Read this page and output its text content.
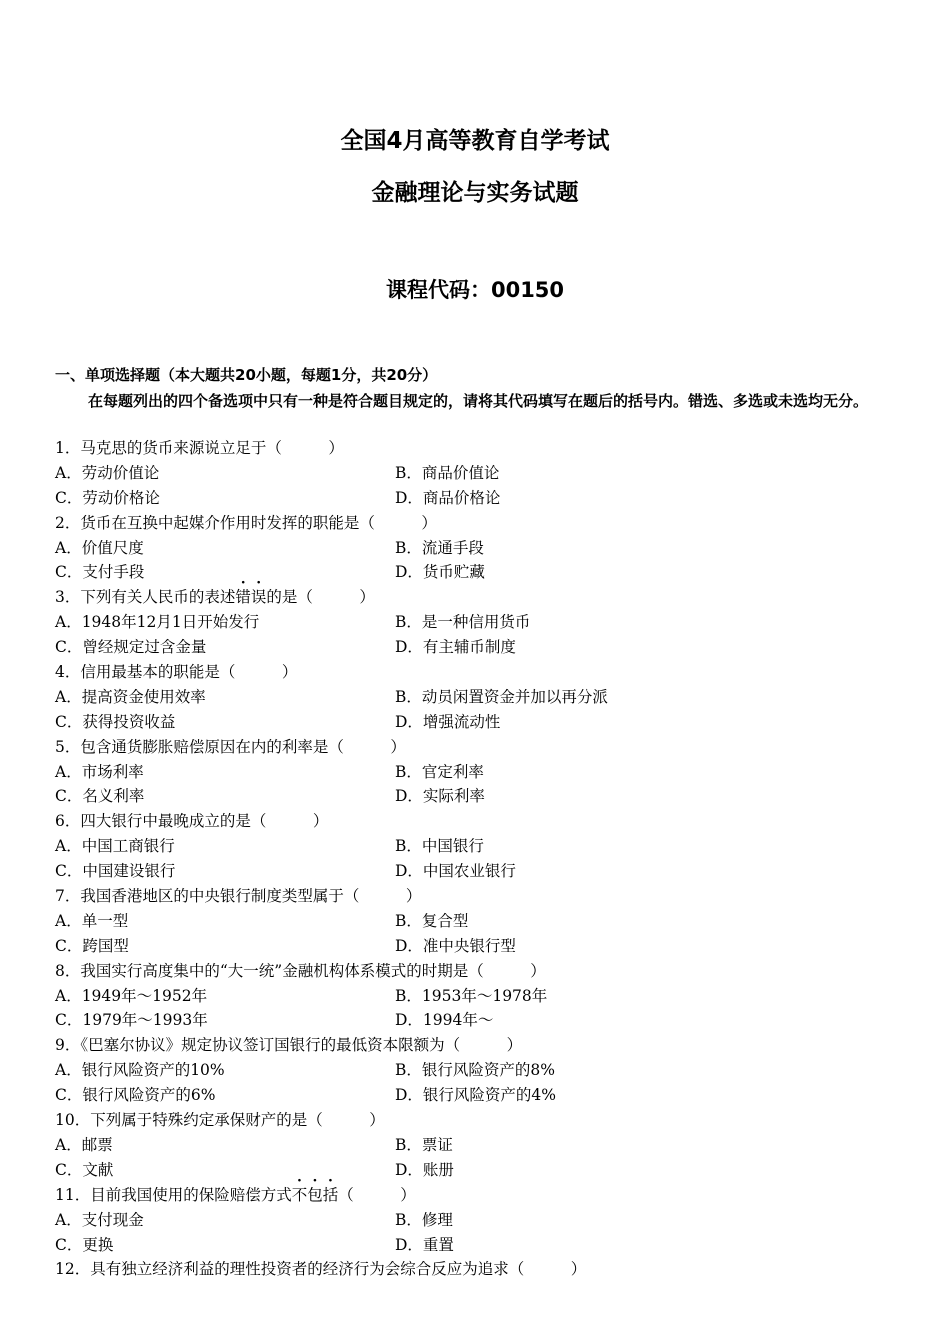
全国4月高等教育自学考试
金融理论与实务试题
课程代码：00150
一、单项选择题（本大题共20小题，每题1分，共20分）
在每题列出的四个备选项中只有一种是符合题目规定的，请将其代码填写在题后的括号内。错选、多选或未选均无分。
1．马克思的货币来源说立足于（　　　）
A．劳动价值论	B．商品价值论
C．劳动价格论	D．商品价格论
2．货币在互换中起媒介作用时发挥的职能是（　　　）
A．价值尺度	B．流通手段
C．支付手段	D．货币贮藏
3．下列有关人民币的表述错误
· ·
的是（　　　）
A．1948年12月1日开始发行	B．是一种信用货币
C．曾经规定过含金量	D．有主辅币制度
4．信用最基本的职能是（　　　）
A．提高资金使用效率	B．动员闲置资金并加以再分派
C．获得投资收益	D．增强流动性
5．包含通货膨胀赔偿原因在内的利率是（　　　）
A．市场利率	B．官定利率
C．名义利率	D．实际利率
6．四大银行中最晚成立的是（　　　）
A．中国工商银行	B．中国银行
C．中国建设银行	D．中国农业银行
7．我国香港地区的中央银行制度类型属于（　　　）
A．单一型	B．复合型
C．跨国型	D．准中央银行型
8．我国实行高度集中的“大一统”金融机构体系模式的时期是（　　　）
A．1949年～1952年	B．1953年～1978年
C．1979年～1993年	D．1994年～
9．《巴塞尔协议》规定协议签订国银行的最低资本限额为（　　　）
A．银行风险资产的10%	B．银行风险资产的8%
C．银行风险资产的6%	D．银行风险资产的4%
10．下列属于特殊约定承保财产的是（　　　）
A．邮票	B．票证
C．文献	D．账册
11．目前我国使用的保险赔偿方式不包括
· · ·
（　　　）
A．支付现金	B．修理
C．更换	D．重置
12．具有独立经济利益的理性投资者的经济行为会综合反应为追求（　　　）
